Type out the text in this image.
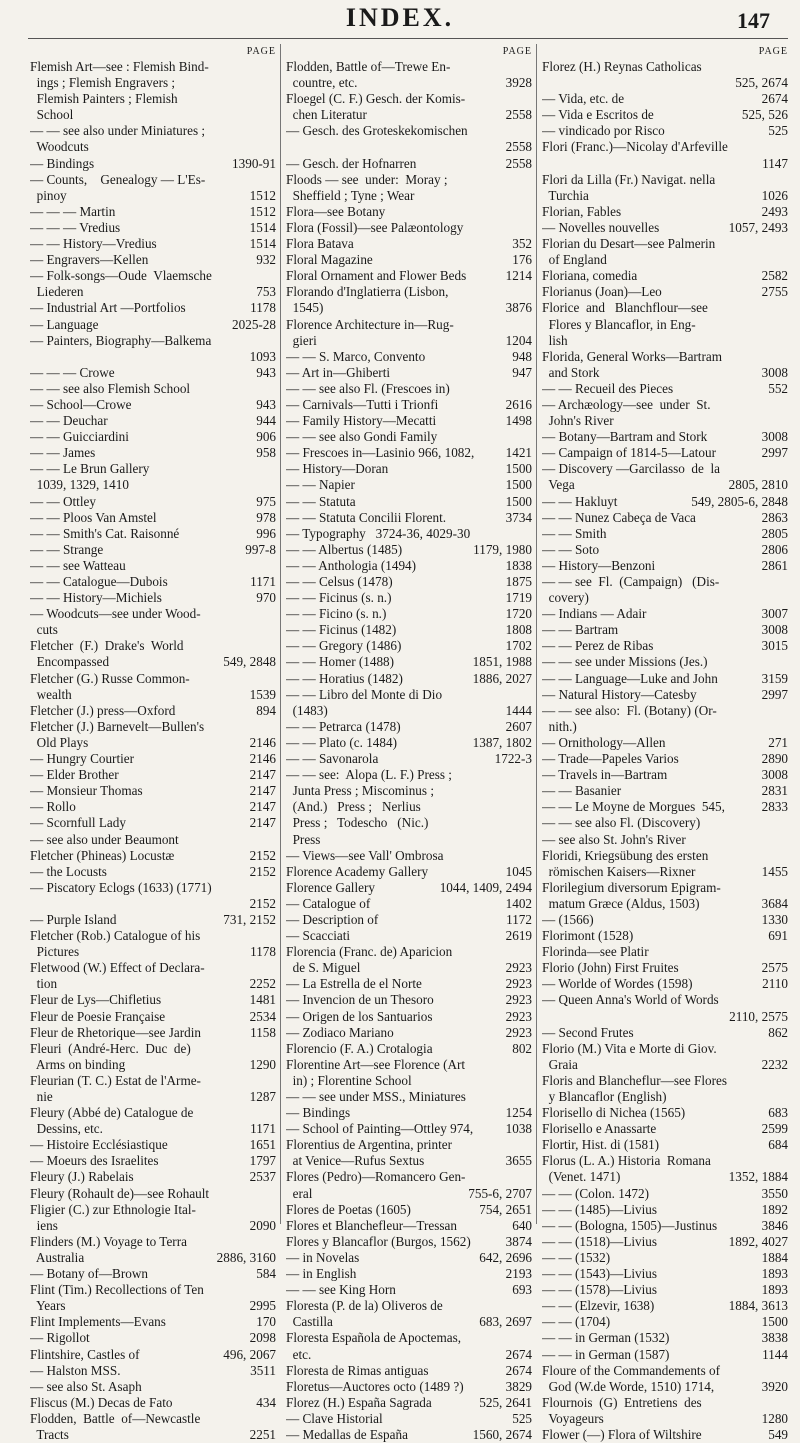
INDEX.	147
PAGE
Flemish Art—see : Flemish Bind-
ings ; Flemish Engravers ;
Flemish Painters ; Flemish
School
— — see also under Miniatures ;
Woodcuts
— Bindings	1390-91
— Counts,    Genealogy — L'Es-
pinoy	1512
— — — Martin	1512
— — — Vredius	1514
— — History—Vredius	1514
— Engravers—Kellen	932
— Folk-songs—Oude  Vlaemsche
Liederen	753
— Industrial Art —Portfolios	1178
— Language	2025-28
— Painters, Biography—Balkema
1093
— — — Crowe	943
— — see also Flemish School
— School—Crowe	943
— — Deuchar	944
— — Guicciardini	906
— — James	958
— — Le Brun Gallery
1039, 1329, 1410
— — Ottley	975
— — Ploos Van Amstel	978
— — Smith's Cat. Raisonné	996
— — Strange	997-8
— — see Watteau
— — Catalogue—Dubois	1171
— — History—Michiels	970
— Woodcuts—see under Wood-
cuts
Fletcher  (F.)  Drake's  World
Encompassed	549, 2848
Fletcher (G.) Russe Common-
wealth	1539
Fletcher (J.) press—Oxford	894
Fletcher (J.) Barnevelt—Bullen's
Old Plays	2146
— Hungry Courtier	2146
— Elder Brother	2147
— Monsieur Thomas	2147
— Rollo	2147
— Scornfull Lady	2147
— see also under Beaumont
Fletcher (Phineas) Locustæ	2152
— the Locusts	2152
— Piscatory Eclogs (1633) (1771)
2152
— Purple Island	731, 2152
Fletcher (Rob.) Catalogue of his
Pictures	1178
Fletwood (W.) Effect of Declara-
tion	2252
Fleur de Lys—Chifletius	1481
Fleur de Poesie Française	2534
Fleur de Rhetorique—see Jardin	1158
Fleuri  (André-Herc.  Duc  de)
Arms on binding	1290
Fleurian (T. C.) Estat de l'Arme-
nie	1287
Fleury (Abbé de) Catalogue de
Dessins, etc.	1171
— Histoire Ecclésiastique	1651
— Moeurs des Israelites	1797
Fleury (J.) Rabelais	2537
Fleury (Rohault de)—see Rohault
Fligier (C.) zur Ethnologie Ital-
iens	2090
Flinders (M.) Voyage to Terra
Australia	2886, 3160
— Botany of—Brown	584
Flint (Tim.) Recollections of Ten
Years	2995
Flint Implements—Evans	170
— Rigollot	2098
Flintshire, Castles of	496, 2067
— Halston MSS.	3511
— see also St. Asaph
Fliscus (M.) Decas de Fato	434
Flodden,  Battle  of—Newcastle
Tracts	2251
PAGE
Flodden, Battle of—Trewe En-
countre, etc.	3928
Floegel (C. F.) Gesch. der Komis-
chen Literatur	2558
— Gesch. des Groteskekomischen
2558
— Gesch. der Hofnarren	2558
Floods — see  under:  Moray ;
Sheffield ; Tyne ; Wear
Flora—see Botany
Flora (Fossil)—see Palæontology
Flora Batava	352
Floral Magazine	176
Floral Ornament and Flower Beds	1214
Florando d'Inglatierra (Lisbon,
1545)	3876
Florence Architecture in—Rug-
gieri	1204
— — S. Marco, Convento	948
— Art in—Ghiberti	947
— — see also Fl. (Frescoes in)
— Carnivals—Tutti i Trionfi	2616
— Family History—Mecatti	1498
— — see also Gondi Family
— Frescoes in—Lasinio 966, 1082,	1421
— History—Doran	1500
— — Napier	1500
— — Statuta	1500
— — Statuta Concilii Florent.	3734
— Typography   3724-36, 4029-30
— — Albertus (1485)	1179, 1980
— — Anthologia (1494)	1838
— — Celsus (1478)	1875
— — Ficinus (s. n.)	1719
— — Ficino (s. n.)	1720
— — Ficinus (1482)	1808
— — Gregory (1486)	1702
— — Homer (1488)	1851, 1988
— — Horatius (1482)	1886, 2027
— — Libro del Monte di Dio
(1483)	1444
— — Petrarca (1478)	2607
— — Plato (c. 1484)	1387, 1802
— — Savonarola	1722-3
— — see:  Alopa (L. F.) Press ;
Junta Press ; Miscominus ;
(And.)   Press ;   Nerlius
Press ;   Todescho   (Nic.)
Press
— Views—see Vall' Ombrosa
Florence Academy Gallery	1045
Florence Gallery	1044, 1409, 2494
— Catalogue of	1402
— Description of	1172
— Scacciati	2619
Florencia (Franc. de) Aparicion
de S. Miguel	2923
— La Estrella de el Norte	2923
— Invencion de un Thesoro	2923
— Origen de los Santuarios	2923
— Zodiaco Mariano	2923
Florencio (F. A.) Crotalogia	802
Florentine Art—see Florence (Art
in) ; Florentine School
— — see under MSS., Miniatures
— Bindings	1254
— School of Painting—Ottley 974,	1038
Florentius de Argentina, printer
at Venice—Rufus Sextus	3655
Flores (Pedro)—Romancero Gen-
eral	755-6, 2707
Flores de Poetas (1605)	754, 2651
Flores et Blanchefleur—Tressan	640
Flores y Blancaflor (Burgos, 1562)	3874
— in Novelas	642, 2696
— in English	2193
— — see King Horn	693
Floresta (P. de la) Oliveros de
Castilla	683, 2697
Floresta Española de Apoctemas,
etc.	2674
Floresta de Rimas antiguas	2674
Floretus—Auctores octo (1489 ?)	3829
Florez (H.) España Sagrada	525, 2641
— Clave Historial	525
— Medallas de España	1560, 2674
PAGE
Florez (H.) Reynas Catholicas
525, 2674
— Vida, etc. de	2674
— Vida e Escritos de	525, 526
— vindicado por Risco	525
Flori (Franc.)—Nicolay d'Arfeville
1147
Flori da Lilla (Fr.) Navigat. nella
Turchia	1026
Florian, Fables	2493
— Novelles nouvelles	1057, 2493
Florian du Desart—see Palmerin
of England
Floriana, comedia	2582
Florianus (Joan)—Leo	2755
Florice  and   Blanchflour—see
Flores y Blancaflor, in Eng-
lish
Florida, General Works—Bartram
and Stork	3008
— — Recueil des Pieces	552
— Archæology—see  under  St.
John's River
— Botany—Bartram and Stork	3008
— Campaign of 1814-5—Latour	2997
— Discovery —Garcilasso  de  la
Vega	2805, 2810
— — Hakluyt	549, 2805-6, 2848
— — Nunez Cabeça de Vaca	2863
— — Smith	2805
— — Soto	2806
— History—Benzoni	2861
— — see  Fl.  (Campaign)   (Dis-
covery)
— Indians — Adair	3007
— — Bartram	3008
— — Perez de Ribas	3015
— — see under Missions (Jes.)
— — Language—Luke and John	3159
— Natural History—Catesby	2997
— — see also:  Fl. (Botany) (Or-
nith.)
— Ornithology—Allen	271
— Trade—Papeles Varios	2890
— Travels in—Bartram	3008
— — Basanier	2831
— — Le Moyne de Morgues  545,	2833
— — see also Fl. (Discovery)
— see also St. John's River
Floridi, Kriegsübung des ersten
römischen Kaisers—Rixner	1455
Florilegium diversorum Epigram-
matum Græce (Aldus, 1503)	3684
— (1566)	1330
Florimont (1528)	691
Florinda—see Platir
Florio (John) First Fruites	2575
— Worlde of Wordes (1598)	2110
— Queen Anna's World of Words
2110, 2575
— Second Frutes	862
Florio (M.) Vita e Morte di Giov.
Graia	2232
Floris and Blancheflur—see Flores
y Blancaflor (English)
Florisello di Nichea (1565)	683
Florisello e Anassarte	2599
Flortir, Hist. di (1581)	684
Florus (L. A.) Historia  Romana
(Venet. 1471)	1352, 1884
— — (Colon. 1472)	3550
— — (1485)—Livius	1892
— — (Bologna, 1505)—Justinus	3846
— — (1518)—Livius	1892, 4027
— — (1532)	1884
— — (1543)—Livius	1893
— — (1578)—Livius	1893
— — (Elzevir, 1638)	1884, 3613
— — (1704)	1500
— — in German (1532)	3838
— — in German (1587)	1144
Floure of the Commandements of
God (W.de Worde, 1510) 1714,	3920
Flournois  (G)  Entretiens  des
Voyageurs	1280
Flower (—) Flora of Wiltshire	549
